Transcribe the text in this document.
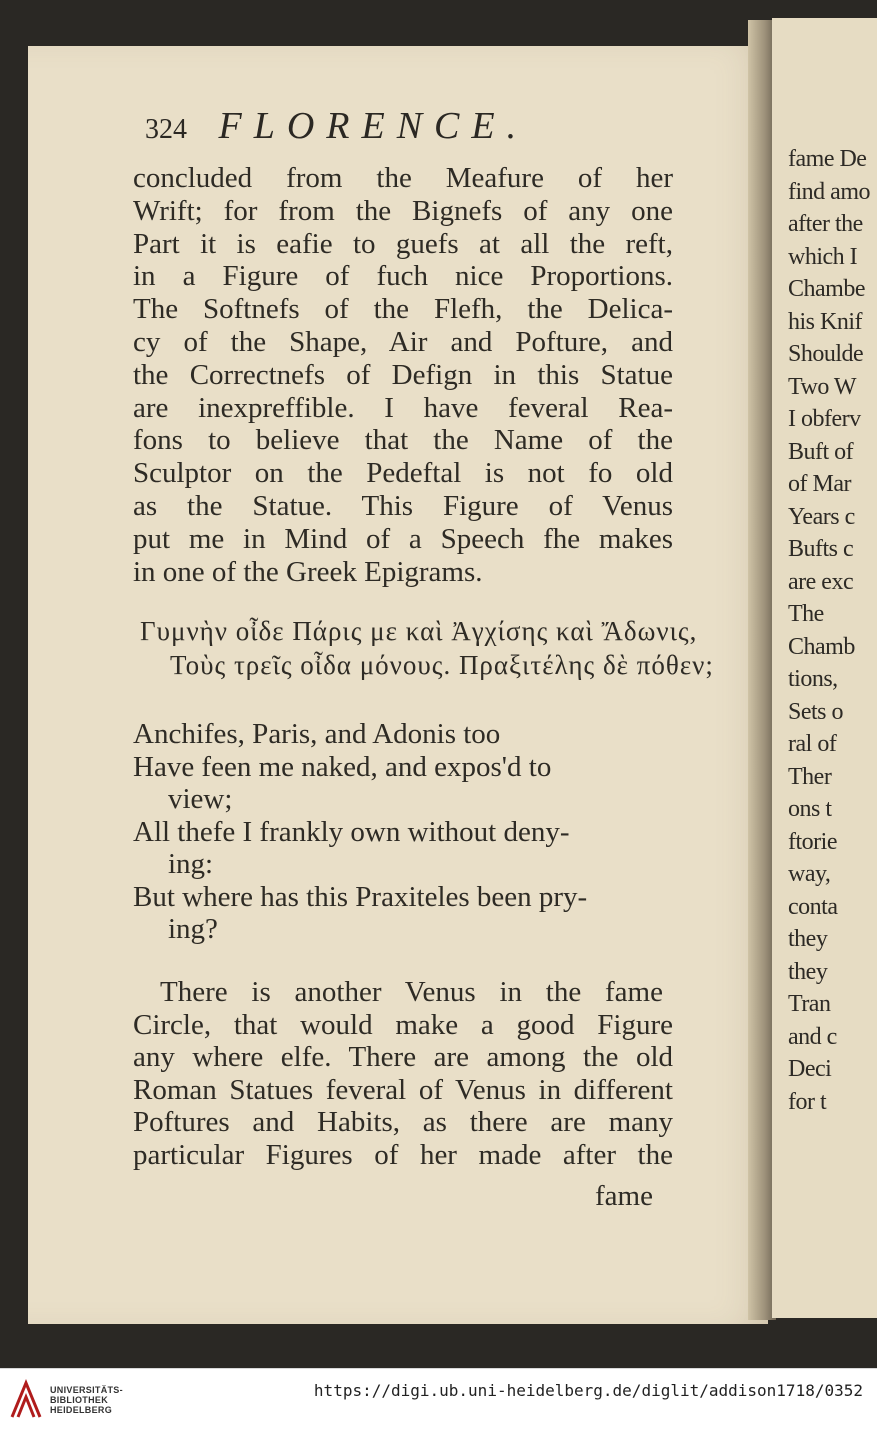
fame De
find amo
after the
which I
Chambe
his Knif
Shoulde
Two W
I obferv
Buft of
of Mar
Years c
Bufts c
are exc
The
Chamb
tions,
Sets o
ral of
Ther
ons t
ftorie
way,
conta
they
they
Tran
and c
Deci
for t
324 FLORENCE.
fame
concluded from the Meafure of her
Wrift; for from the Bignefs of any one
Part it is eafie to guefs at all the reft,
in a Figure of fuch nice Proportions.
The Softnefs of the Flefh, the Delica-
cy of the Shape, Air and Pofture, and
the Correctnefs of Defign in this Statue
are inexpreffible. I have feveral Rea-
fons to believe that the Name of the
Sculptor on the Pedeftal is not fo old
as the Statue. This Figure of Venus
put me in Mind of a Speech fhe makes
in one of the Greek Epigrams.
Γυμνὴν οἶδε Πάρις με καὶ Ἀγχίσης καὶ Ἄδωνις,
Τοὺς τρεῖς οἶδα μόνους. Πραξιτέλης δὲ πόθεν;
Anchifes, Paris, and Adonis too
Have feen me naked, and expos'd to
view;
All thefe I frankly own without deny-
ing:
But where has this Praxiteles been pry-
ing?
There is another Venus in the fame
Circle, that would make a good Figure
any where elfe. There are among the old
Roman Statues feveral of Venus in different
Poftures and Habits, as there are many
particular Figures of her made after the
UNIVERSITÄTS-
BIBLIOTHEK
HEIDELBERG
https://digi.ub.uni-heidelberg.de/diglit/addison1718/0352
